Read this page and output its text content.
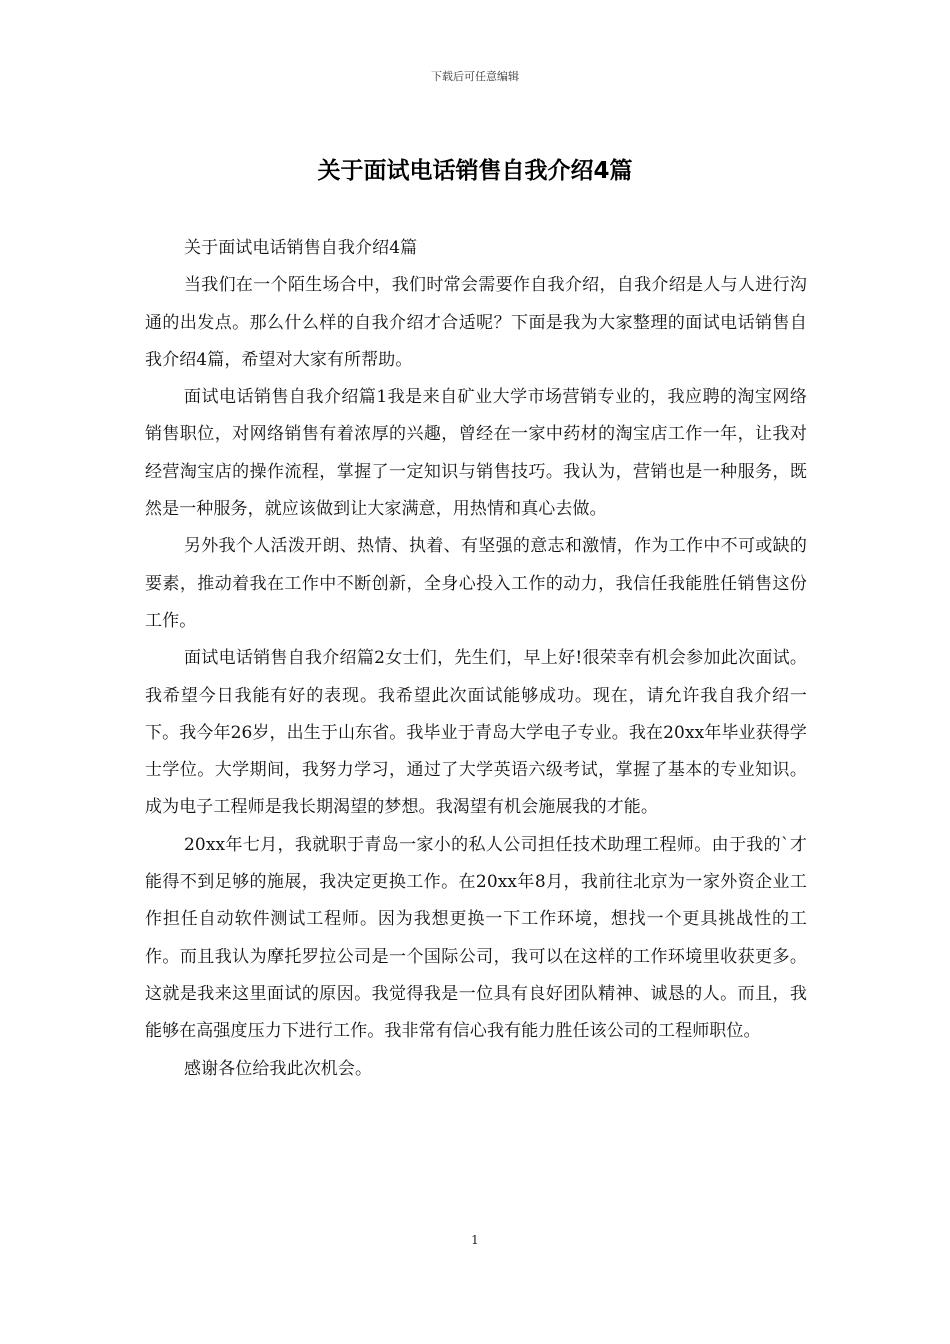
下载后可任意编辑
关于面试电话销售自我介绍4篇

关于面试电话销售自我介绍4篇

当我们在一个陌生场合中，我们时常会需要作自我介绍，自我介绍是人与人进行沟通的出发点。那么什么样的自我介绍才合适呢？下面是我为大家整理的面试电话销售自我介绍4篇，希望对大家有所帮助。

面试电话销售自我介绍篇1我是来自矿业大学市场营销专业的，我应聘的淘宝网络销售职位，对网络销售有着浓厚的兴趣，曾经在一家中药材的淘宝店工作一年，让我对经营淘宝店的操作流程，掌握了一定知识与销售技巧。我认为，营销也是一种服务，既然是一种服务，就应该做到让大家满意，用热情和真心去做。

另外我个人活泼开朗、热情、执着、有坚强的意志和激情，作为工作中不可或缺的要素，推动着我在工作中不断创新，全身心投入工作的动力，我信任我能胜任销售这份工作。

面试电话销售自我介绍篇2女士们，先生们，早上好!很荣幸有机会参加此次面试。我希望今日我能有好的表现。我希望此次面试能够成功。现在，请允许我自我介绍一下。我今年26岁，出生于山东省。我毕业于青岛大学电子专业。我在20xx年毕业获得学士学位。大学期间，我努力学习，通过了大学英语六级考试，掌握了基本的专业知识。成为电子工程师是我长期渴望的梦想。我渴望有机会施展我的才能。

20xx年七月，我就职于青岛一家小的私人公司担任技术助理工程师。由于我的`才能得不到足够的施展，我决定更换工作。在20xx年8月，我前往北京为一家外资企业工作担任自动软件测试工程师。因为我想更换一下工作环境，想找一个更具挑战性的工作。而且我认为摩托罗拉公司是一个国际公司，我可以在这样的工作环境里收获更多。这就是我来这里面试的原因。我觉得我是一位具有良好团队精神、诚恳的人。而且，我能够在高强度压力下进行工作。我非常有信心我有能力胜任该公司的工程师职位。

感谢各位给我此次机会。

1
